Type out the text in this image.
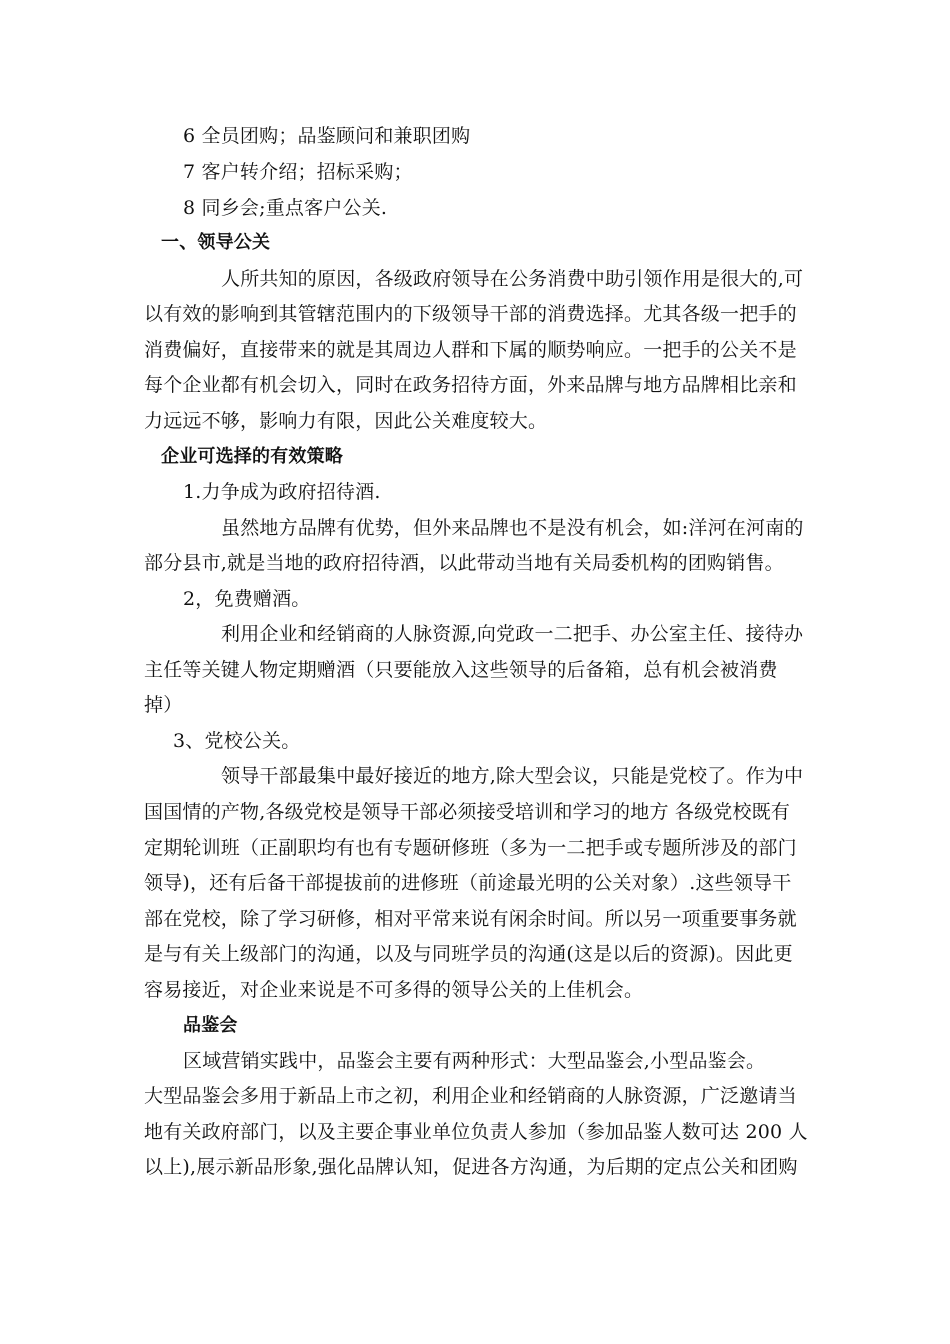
6 全员团购；品鉴顾问和兼职团购
7 客户转介绍；招标采购；
8 同乡会;重点客户公关.
一、领导公关
人所共知的原因，各级政府领导在公务消费中助引领作用是很大的,可
以有效的影响到其管辖范围内的下级领导干部的消费选择。尤其各级一把手的
消费偏好，直接带来的就是其周边人群和下属的顺势响应。一把手的公关不是
每个企业都有机会切入，同时在政务招待方面，外来品牌与地方品牌相比亲和
力远远不够，影响力有限，因此公关难度较大。
企业可选择的有效策略
1.力争成为政府招待酒.
虽然地方品牌有优势，但外来品牌也不是没有机会，如:洋河在河南的
部分县市,就是当地的政府招待酒，以此带动当地有关局委机构的团购销售。
2，免费赠酒。
利用企业和经销商的人脉资源,向党政一二把手、办公室主任、接待办
主任等关键人物定期赠酒（只要能放入这些领导的后备箱，总有机会被消费
掉）
3、党校公关。
领导干部最集中最好接近的地方,除大型会议，只能是党校了。作为中
国国情的产物,各级党校是领导干部必须接受培训和学习的地方 各级党校既有
定期轮训班（正副职均有也有专题研修班（多为一二把手或专题所涉及的部门
领导)，还有后备干部提拔前的进修班（前途最光明的公关对象）.这些领导干
部在党校，除了学习研修，相对平常来说有闲余时间。所以另一项重要事务就
是与有关上级部门的沟通，以及与同班学员的沟通(这是以后的资源)。因此更
容易接近，对企业来说是不可多得的领导公关的上佳机会。
品鉴会
区域营销实践中，品鉴会主要有两种形式：大型品鉴会,小型品鉴会。
大型品鉴会多用于新品上市之初，利用企业和经销商的人脉资源，广泛邀请当
地有关政府部门，以及主要企事业单位负责人参加（参加品鉴人数可达 200 人
以上),展示新品形象,强化品牌认知，促进各方沟通，为后期的定点公关和团购
